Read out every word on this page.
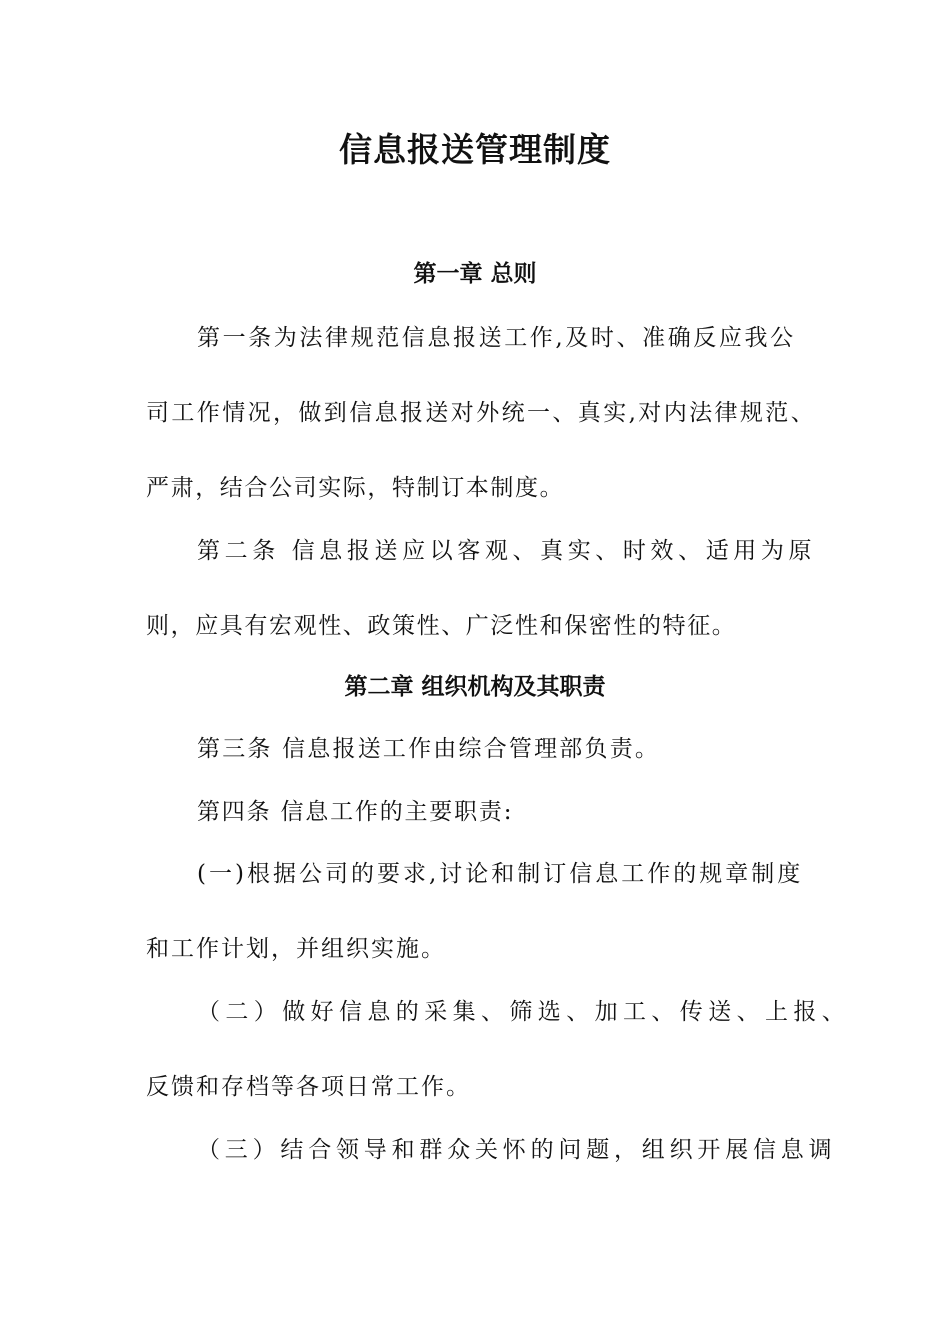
信息报送管理制度
第一章 总则

第一条为法律规范信息报送工作,及时、准确反应我公

司工作情况，做到信息报送对外统一、真实,对内法律规范、

严肃，结合公司实际，特制订本制度。

第二条 信息报送应以客观、真实、时效、适用为原

则，应具有宏观性、政策性、广泛性和保密性的特征。

第二章 组织机构及其职责

第三条 信息报送工作由综合管理部负责。

第四条 信息工作的主要职责:

(一)根据公司的要求,讨论和制订信息工作的规章制度

和工作计划，并组织实施。

（二）做好信息的采集、筛选、加工、传送、上报、

反馈和存档等各项日常工作。

（三）结合领导和群众关怀的问题，组织开展信息调
